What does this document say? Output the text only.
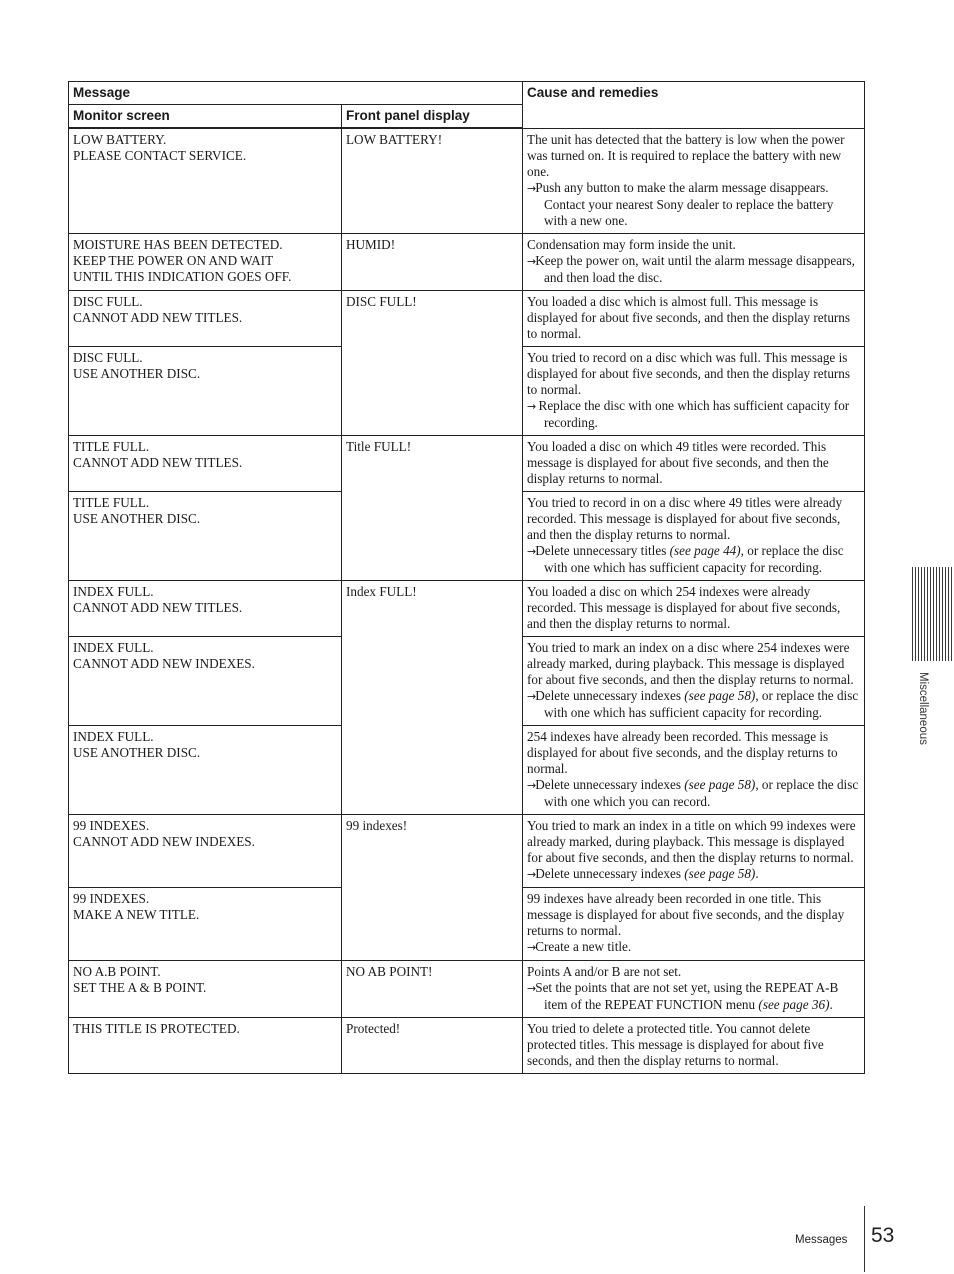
Message		Cause and remedies
Monitor screen	Front panel display	

LOW BATTERY.
PLEASE CONTACT SERVICE.	LOW BATTERY!	The unit has detected that the battery is low when the power was turned on. It is required to replace the battery with new one.
→Push any button to make the alarm message disappears. Contact your nearest Sony dealer to replace the battery with a new one.

MOISTURE HAS BEEN DETECTED.
KEEP THE POWER ON AND WAIT
UNTIL THIS INDICATION GOES OFF.	HUMID!	Condensation may form inside the unit.
→Keep the power on, wait until the alarm message disappears, and then load the disc.

DISC FULL.
CANNOT ADD NEW TITLES.	DISC FULL!	You loaded a disc which is almost full. This message is displayed for about five seconds, and then the display returns to normal.

DISC FULL.
USE ANOTHER DISC.		You tried to record on a disc which was full. This message is displayed for about five seconds, and then the display returns to normal.
→ Replace the disc with one which has sufficient capacity for recording.

TITLE FULL.
CANNOT ADD NEW TITLES.	Title FULL!	You loaded a disc on which 49 titles were recorded. This message is displayed for about five seconds, and then the display returns to normal.

TITLE FULL.
USE ANOTHER DISC.		You tried to record in on a disc where 49 titles were already recorded. This message is displayed for about five seconds, and then the display returns to normal.
→Delete unnecessary titles (see page 44), or replace the disc with one which has sufficient capacity for recording.

INDEX FULL.
CANNOT ADD NEW TITLES.	Index FULL!	You loaded a disc on which 254 indexes were already recorded. This message is displayed for about five seconds, and then the display returns to normal.

INDEX FULL.
CANNOT ADD NEW INDEXES.		You tried to mark an index on a disc where 254 indexes were already marked, during playback. This message is displayed for about five seconds, and then the display returns to normal.
→Delete unnecessary indexes (see page 58), or replace the disc with one which has sufficient capacity for recording.

INDEX FULL.
USE ANOTHER DISC.		254 indexes have already been recorded. This message is displayed for about five seconds, and the display returns to normal.
→Delete unnecessary indexes (see page 58), or replace the disc with one which you can record.

99 INDEXES.
CANNOT ADD NEW INDEXES.	99 indexes!	You tried to mark an index in a title on which 99 indexes were already marked, during playback. This message is displayed for about five seconds, and then the display returns to normal.
→Delete unnecessary indexes (see page 58).

99 INDEXES.
MAKE A NEW TITLE.		99 indexes have already been recorded in one title. This message is displayed for about five seconds, and the display returns to normal.
→Create a new title.

NO A.B POINT.
SET THE A & B POINT.	NO AB POINT!	Points A and/or B are not set.
→Set the points that are not set yet, using the REPEAT A-B item of the REPEAT FUNCTION menu (see page 36).

THIS TITLE IS PROTECTED.	Protected!	You tried to delete a protected title. You cannot delete protected titles. This message is displayed for about five seconds, and then the display returns to normal.
Miscellaneous
Messages 53
